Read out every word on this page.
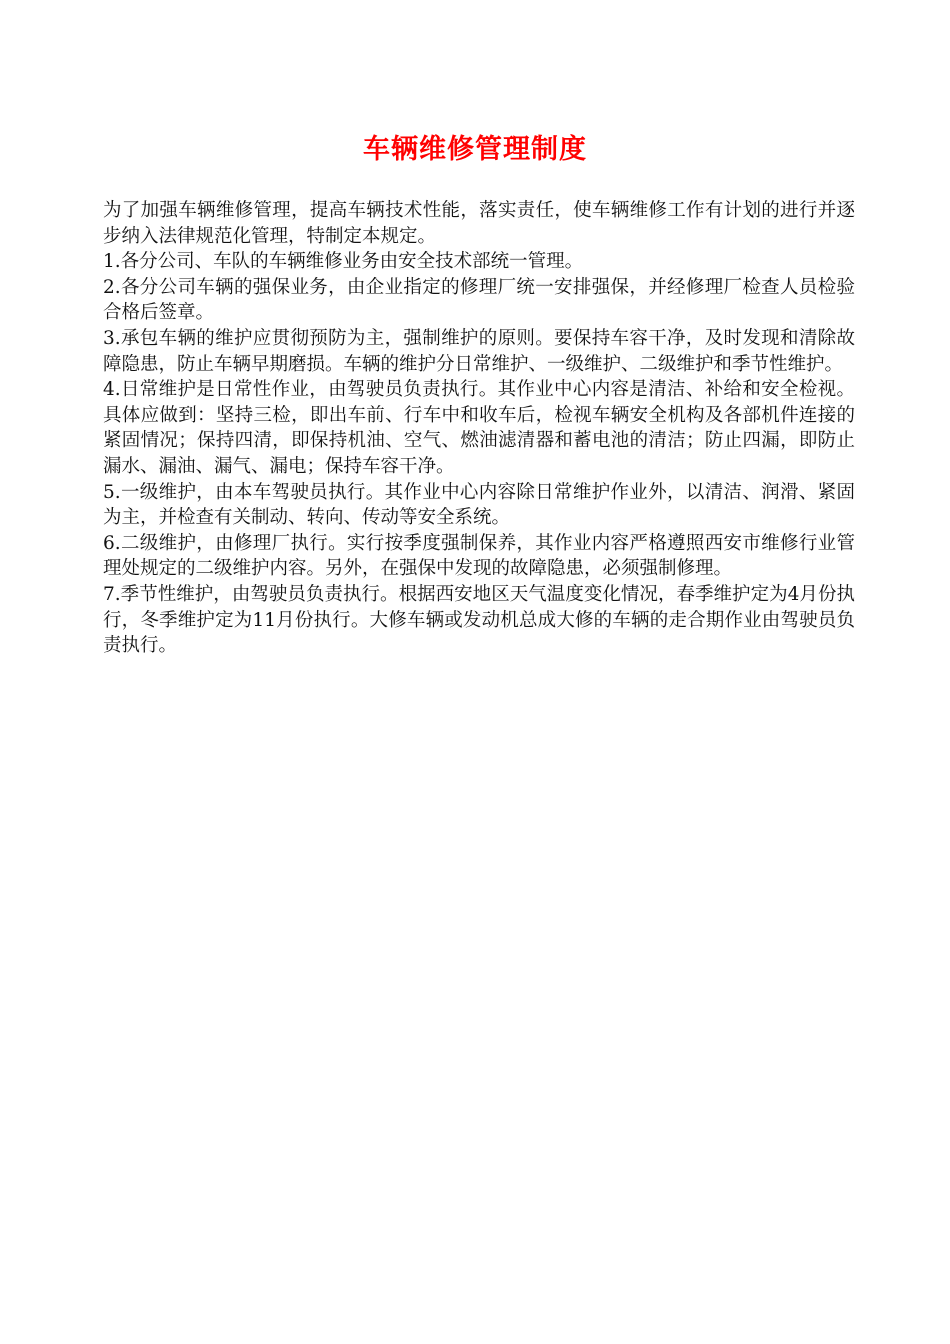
车辆维修管理制度

为了加强车辆维修管理，提高车辆技术性能，落实责任，使车辆维修工作有计划的进行并逐步纳入法律规范化管理，特制定本规定。

1.各分公司、车队的车辆维修业务由安全技术部统一管理。

2.各分公司车辆的强保业务，由企业指定的修理厂统一安排强保，并经修理厂检查人员检验合格后签章。

3.承包车辆的维护应贯彻预防为主，强制维护的原则。要保持车容干净，及时发现和清除故障隐患，防止车辆早期磨损。车辆的维护分日常维护、一级维护、二级维护和季节性维护。

4.日常维护是日常性作业，由驾驶员负责执行。其作业中心内容是清洁、补给和安全检视。具体应做到：坚持三检，即出车前、行车中和收车后，检视车辆安全机构及各部机件连接的紧固情况；保持四清，即保持机油、空气、燃油滤清器和蓄电池的清洁；防止四漏，即防止漏水、漏油、漏气、漏电；保持车容干净。

5.一级维护，由本车驾驶员执行。其作业中心内容除日常维护作业外，以清洁、润滑、紧固为主，并检查有关制动、转向、传动等安全系统。

6.二级维护，由修理厂执行。实行按季度强制保养，其作业内容严格遵照西安市维修行业管理处规定的二级维护内容。另外，在强保中发现的故障隐患，必须强制修理。

7.季节性维护，由驾驶员负责执行。根据西安地区天气温度变化情况，春季维护定为4月份执行，冬季维护定为11月份执行。大修车辆或发动机总成大修的车辆的走合期作业由驾驶员负责执行。
